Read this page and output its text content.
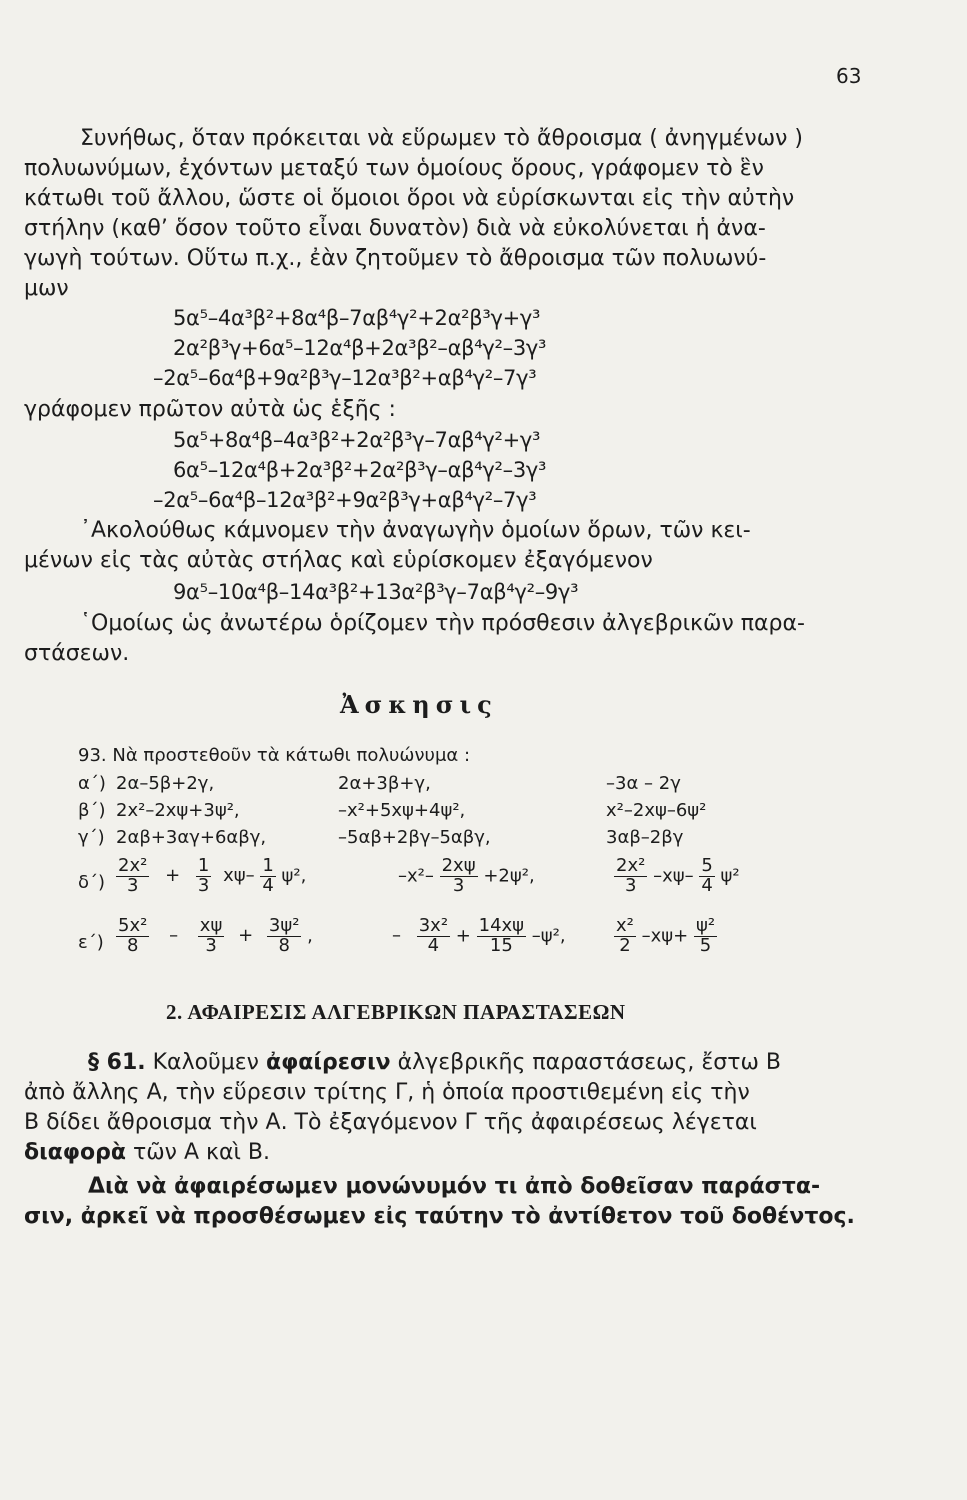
63
Συνήθως, ὅταν πρόκειται νὰ εὕρωμεν τὸ ἄθροισμα ( ἀνηγμένων )
πολυωνύμων, ἐχόντων μεταξύ των ὁμοίους ὅρους, γράφομεν τὸ ἓν
κάτωθι τοῦ ἄλλου, ὥστε οἱ ὅμοιοι ὅροι νὰ εὑρίσκωνται εἰς τὴν αὐτὴν
στήλην (καθ’ ὅσον τοῦτο εἶναι δυνατὸν) διὰ νὰ εὐκολύνεται ἡ ἀνα-
γωγὴ τούτων. Οὕτω π.χ., ἐὰν ζητοῦμεν τὸ ἄθροισμα τῶν πολυωνύ-
μων
5α⁵–4α³β²+8α⁴β–7αβ⁴γ²+2α²β³γ+γ³
2α²β³γ+6α⁵–12α⁴β+2α³β²–αβ⁴γ²–3γ³
–2α⁵–6α⁴β+9α²β³γ–12α³β²+αβ⁴γ²–7γ³
γράφομεν πρῶτον αὐτὰ ὡς ἑξῆς :
5α⁵+8α⁴β–4α³β²+2α²β³γ–7αβ⁴γ²+γ³
6α⁵–12α⁴β+2α³β²+2α²β³γ–αβ⁴γ²–3γ³
–2α⁵–6α⁴β–12α³β²+9α²β³γ+αβ⁴γ²–7γ³
᾿Ακολούθως κάμνομεν τὴν ἀναγωγὴν ὁμοίων ὅρων, τῶν κει-
μένων εἰς τὰς αὐτὰς στήλας καὶ εὑρίσκομεν ἐξαγόμενον
9α⁵–10α⁴β–14α³β²+13α²β³γ–7αβ⁴γ²–9γ³
῾Ομοίως ὡς ἀνωτέρω ὁρίζομεν τὴν πρόσθεσιν ἀλγεβρικῶν παρα-
στάσεων.
Ἀσκησις
93. Νὰ προστεθοῦν τὰ κάτωθι πολυώνυμα :
α΄) 2α–5β+2γ,	2α+3β+γ,	–3α – 2γ
β΄) 2x²–2xψ+3ψ²,	–x²+5xψ+4ψ²,	x²–2xψ–6ψ²
γ΄) 2αβ+3αγ+6αβγ,	–5αβ+2βγ–5αβγ,	3αβ–2βγ
$\delta΄) \frac{\text{2x²}}{3} + \frac{1}{3} x\psi- \frac{1}{4} \psi^2$,	$-x^2- \frac{2x\psi}{3} +2\psi^2$,	$\frac{\text{2x²}}{3} -x\psi- \frac{5}{4} \psi^2$
$\varepsilon΄) \frac{\text{5x²}}{8} - \frac{x\psi}{3} + \frac{\text{3ψ²}}{8}$ ,	– $\frac{\text{3x²}}{4} + \frac{14x\psi}{15} -\psi^2$,	$\frac{\text{x²}}{2} -x\psi+ \frac{\text{ψ²}}{5}$
2. ΑΦΑΙΡΕΣΙΣ ΑΛΓΕΒΡΙΚΩΝ ΠΑΡΑΣΤΑΣΕΩΝ
§ 61. Καλοῦμεν ἀφαίρεσιν ἀλγεβρικῆς παραστάσεως, ἔστω Β
ἀπὸ ἄλλης Α, τὴν εὕρεσιν τρίτης Γ, ἡ ὁποία προστιθεμένη εἰς τὴν
Β δίδει ἄθροισμα τὴν Α. Τὸ ἐξαγόμενον Γ τῆς ἀφαιρέσεως λέγεται
διαφορὰ τῶν Α καὶ Β.
Διὰ νὰ ἀφαιρέσωμεν μονώνυμόν τι ἀπὸ δοθεῖσαν παράστα-
σιν, ἀρκεῖ νὰ προσθέσωμεν εἰς ταύτην τὸ ἀντίθετον τοῦ δοθέντος.
